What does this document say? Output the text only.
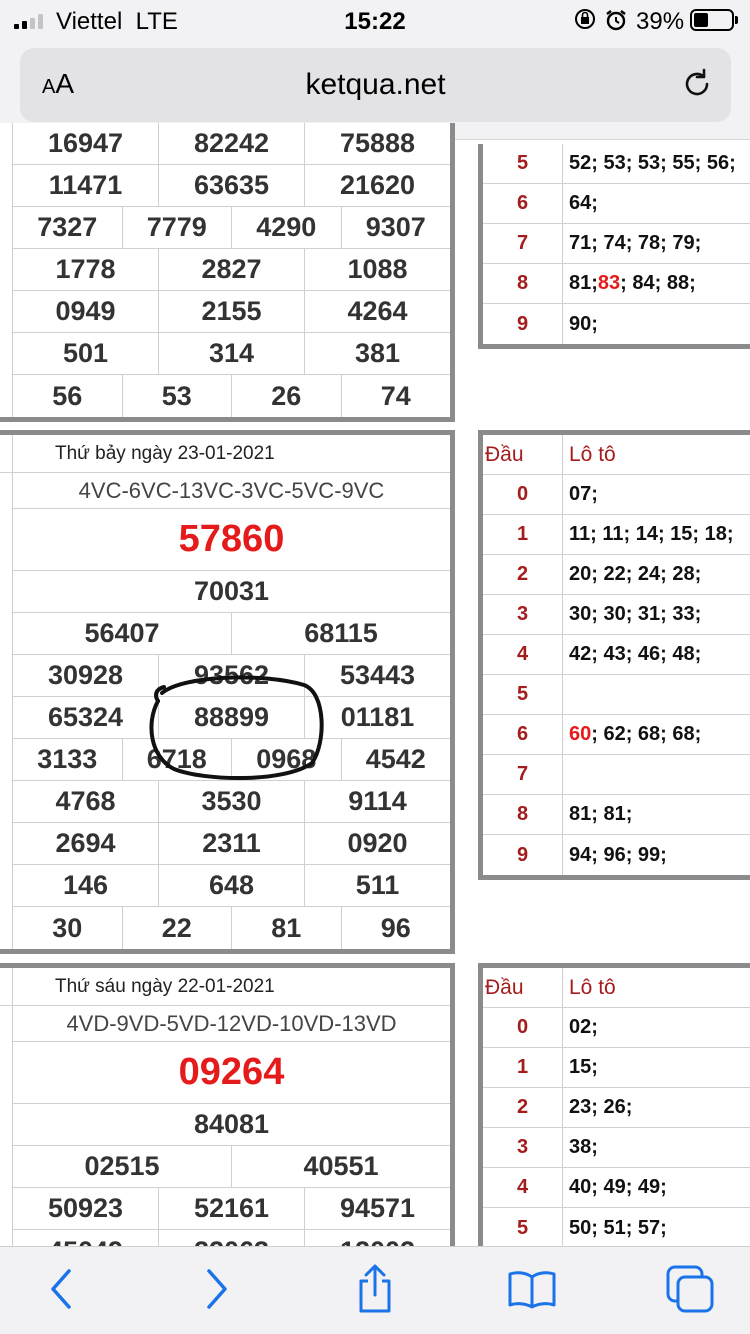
Viettel LTE	15:22	39%
AA	ketqua.net
16947	82242	75888
11471	63635	21620
7327	7779	4290	9307
1778	2827	1088
0949	2155	4264
501	314	381
56	53	26	74
5	52; 53; 53; 55; 56;
6	64;
7	71; 74; 78; 79;
8	81; 83 ; 84; 88;
9	90;
Thứ bảy ngày 23-01-2021
4VC-6VC-13VC-3VC-5VC-9VC
57860
70031
56407	68115
30928	93562	53443
65324	88899	01181
3133	6718	0968	4542
4768	3530	9114
2694	2311	0920
146	648	511
30	22	81	96
Đầu	Lô tô
0	07;
1	11; 11; 14; 15; 18;
2	20; 22; 24; 28;
3	30; 30; 31; 33;
4	42; 43; 46; 48;
5
6	60 ; 62; 68; 68;
7
8	81; 81;
9	94; 96; 99;
Thứ sáu ngày 22-01-2021
4VD-9VD-5VD-12VD-10VD-13VD
09264
84081
02515	40551
50923	52161	94571
Đầu	Lô tô
0	02;
1	15;
2	23; 26;
3	38;
4	40; 49; 49;
5	50; 51; 57;
